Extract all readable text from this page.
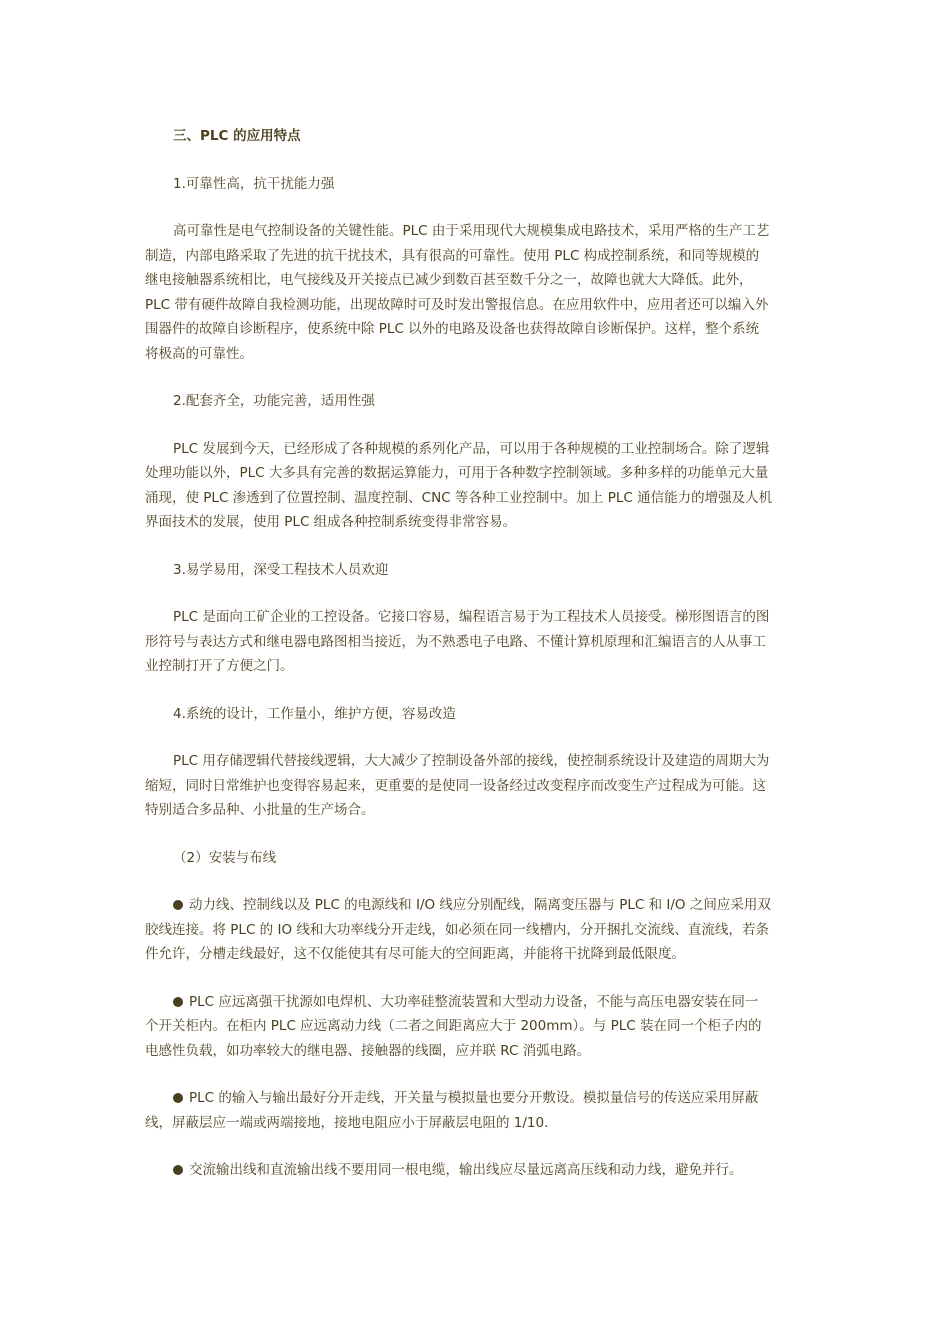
三、PLC 的应用特点
1.可靠性高，抗干扰能力强
高可靠性是电气控制设备的关键性能。PLC 由于采用现代大规模集成电路技术，采用严格的生产工艺
制造，内部电路采取了先进的抗干扰技术，具有很高的可靠性。使用 PLC 构成控制系统，和同等规模的
继电接触器系统相比，电气接线及开关接点已减少到数百甚至数千分之一，故障也就大大降低。此外，
PLC 带有硬件故障自我检测功能，出现故障时可及时发出警报信息。在应用软件中，应用者还可以编入外
围器件的故障自诊断程序，使系统中除 PLC 以外的电路及设备也获得故障自诊断保护。这样，整个系统
将极高的可靠性。
2.配套齐全，功能完善，适用性强
PLC 发展到今天，已经形成了各种规模的系列化产品，可以用于各种规模的工业控制场合。除了逻辑
处理功能以外，PLC 大多具有完善的数据运算能力，可用于各种数字控制领域。多种多样的功能单元大量
涌现，使 PLC 渗透到了位置控制、温度控制、CNC 等各种工业控制中。加上 PLC 通信能力的增强及人机
界面技术的发展，使用 PLC 组成各种控制系统变得非常容易。
3.易学易用，深受工程技术人员欢迎
PLC 是面向工矿企业的工控设备。它接口容易，编程语言易于为工程技术人员接受。梯形图语言的图
形符号与表达方式和继电器电路图相当接近，为不熟悉电子电路、不懂计算机原理和汇编语言的人从事工
业控制打开了方便之门。
4.系统的设计，工作量小，维护方便，容易改造
PLC 用存储逻辑代替接线逻辑，大大减少了控制设备外部的接线，使控制系统设计及建造的周期大为
缩短，同时日常维护也变得容易起来，更重要的是使同一设备经过改变程序而改变生产过程成为可能。这
特别适合多品种、小批量的生产场合。
（2）安装与布线
动力线、控制线以及 PLC 的电源线和 I/O 线应分别配线，隔离变压器与 PLC 和 I/O 之间应采用双
胶线连接。将 PLC 的 IO 线和大功率线分开走线，如必须在同一线槽内，分开捆扎交流线、直流线，若条
件允许，分槽走线最好，这不仅能使其有尽可能大的空间距离，并能将干扰降到最低限度。
PLC 应远离强干扰源如电焊机、大功率硅整流装置和大型动力设备，不能与高压电器安装在同一
个开关柜内。在柜内 PLC 应远离动力线（二者之间距离应大于 200mm）。与 PLC 装在同一个柜子内的
电感性负载，如功率较大的继电器、接触器的线圈，应并联 RC 消弧电路。
PLC 的输入与输出最好分开走线，开关量与模拟量也要分开敷设。模拟量信号的传送应采用屏蔽
线，屏蔽层应一端或两端接地，接地电阻应小于屏蔽层电阻的 1/10.
交流输出线和直流输出线不要用同一根电缆，输出线应尽量远离高压线和动力线，避免并行。
